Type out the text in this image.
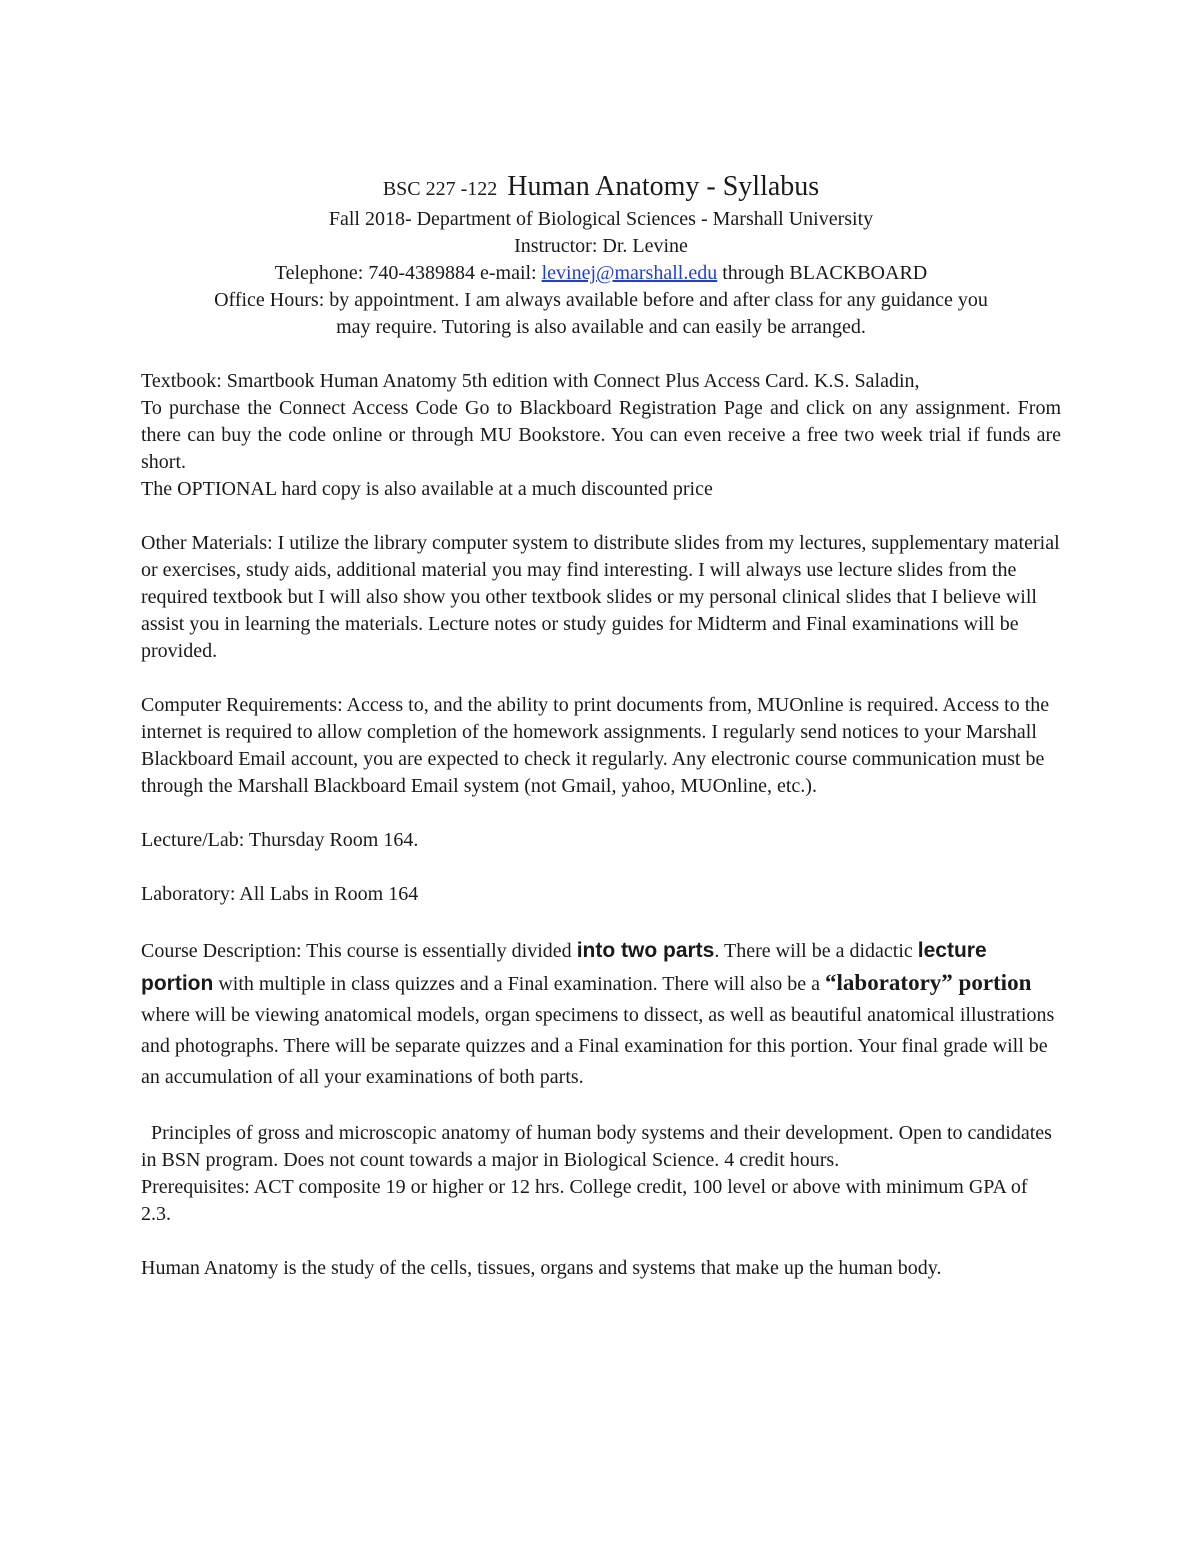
BSC 227 -122 Human Anatomy - Syllabus
Fall 2018- Department of Biological Sciences - Marshall University
Instructor: Dr. Levine
Telephone: 740-4389884 e-mail: levinej@marshall.edu through BLACKBOARD
Office Hours: by appointment. I am always available before and after class for any guidance you
may require. Tutoring is also available and can easily be arranged.

Textbook: Smartbook Human Anatomy 5th edition with Connect Plus Access Card. K.S. Saladin,

To purchase the Connect Access Code Go to Blackboard Registration Page and click on any assignment. From there can buy the code online or through MU Bookstore. You can even receive a free two week trial if funds are short.

The OPTIONAL hard copy is also available at a much discounted price

Other Materials: I utilize the library computer system to distribute slides from my lectures, supplementary material or exercises, study aids, additional material you may find interesting. I will always use lecture slides from the required textbook but I will also show you other textbook slides or my personal clinical slides that I believe will assist you in learning the materials. Lecture notes or study guides for Midterm and Final examinations will be provided.

Computer Requirements: Access to, and the ability to print documents from, MUOnline is required. Access to the internet is required to allow completion of the homework assignments. I regularly send notices to your Marshall Blackboard Email account, you are expected to check it regularly. Any electronic course communication must be through the Marshall Blackboard Email system (not Gmail, yahoo, MUOnline, etc.).

Lecture/Lab: Thursday Room 164.

Laboratory: All Labs in Room 164

Course Description: This course is essentially divided into two parts. There will be a didactic lecture portion with multiple in class quizzes and a Final examination. There will also be a “laboratory” portion where will be viewing anatomical models, organ specimens to dissect, as well as beautiful anatomical illustrations and photographs. There will be separate quizzes and a Final examination for this portion. Your final grade will be an accumulation of all your examinations of both parts.

Principles of gross and microscopic anatomy of human body systems and their development. Open to candidates in BSN program. Does not count towards a major in Biological Science. 4 credit hours.

Prerequisites: ACT composite 19 or higher or 12 hrs. College credit, 100 level or above with minimum GPA of 2.3.

Human Anatomy is the study of the cells, tissues, organs and systems that make up the human body.
